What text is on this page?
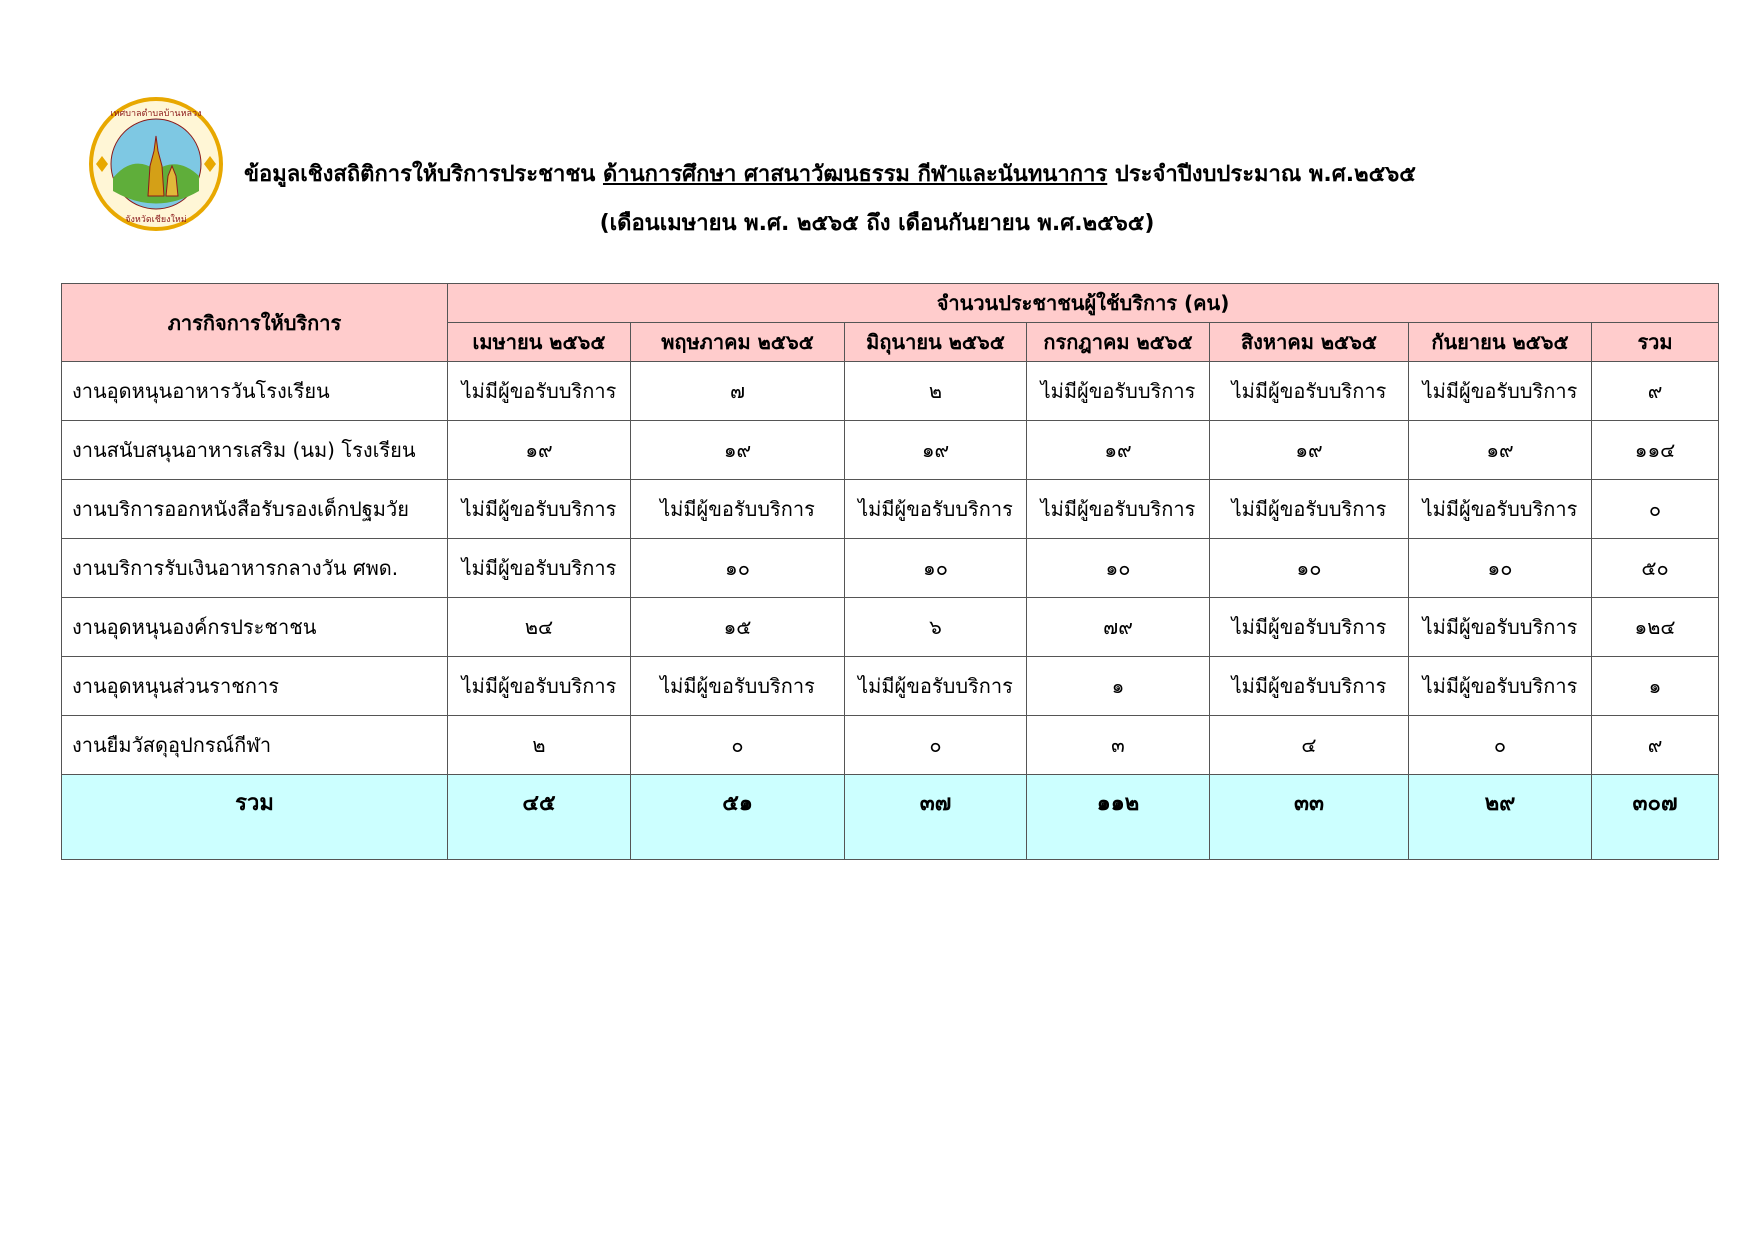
เทศบาลตำบลบ้านหลวง
จังหวัดเชียงใหม่
ข้อมูลเชิงสถิติการให้บริการประชาชน ด้านการศึกษา ศาสนาวัฒนธรรม กีฬาและนันทนาการ ประจำปีงบประมาณ พ.ศ.๒๕๖๕
(เดือนเมษายน พ.ศ. ๒๕๖๕ ถึง เดือนกันยายน พ.ศ.๒๕๖๕)
ภารกิจการให้บริการ	จำนวนประชาชนผู้ใช้บริการ (คน)						
	เมษายน ๒๕๖๕	พฤษภาคม ๒๕๖๕	มิถุนายน ๒๕๖๕	กรกฎาคม ๒๕๖๕	สิงหาคม ๒๕๖๕	กันยายน ๒๕๖๕	รวม
งานอุดหนุนอาหารวันโรงเรียน	ไม่มีผู้ขอรับบริการ	๗	๒	ไม่มีผู้ขอรับบริการ	ไม่มีผู้ขอรับบริการ	ไม่มีผู้ขอรับบริการ	๙
งานสนับสนุนอาหารเสริม (นม) โรงเรียน	๑๙	๑๙	๑๙	๑๙	๑๙	๑๙	๑๑๔
งานบริการออกหนังสือรับรองเด็กปฐมวัย	ไม่มีผู้ขอรับบริการ	ไม่มีผู้ขอรับบริการ	ไม่มีผู้ขอรับบริการ	ไม่มีผู้ขอรับบริการ	ไม่มีผู้ขอรับบริการ	ไม่มีผู้ขอรับบริการ	๐
งานบริการรับเงินอาหารกลางวัน ศพด.	ไม่มีผู้ขอรับบริการ	๑๐	๑๐	๑๐	๑๐	๑๐	๕๐
งานอุดหนุนองค์กรประชาชน	๒๔	๑๕	๖	๗๙	ไม่มีผู้ขอรับบริการ	ไม่มีผู้ขอรับบริการ	๑๒๔
งานอุดหนุนส่วนราชการ	ไม่มีผู้ขอรับบริการ	ไม่มีผู้ขอรับบริการ	ไม่มีผู้ขอรับบริการ	๑	ไม่มีผู้ขอรับบริการ	ไม่มีผู้ขอรับบริการ	๑
งานยืมวัสดุอุปกรณ์กีฬา	๒	๐	๐	๓	๔	๐	๙
รวม	๔๕	๕๑	๓๗	๑๑๒	๓๓	๒๙	๓๐๗
